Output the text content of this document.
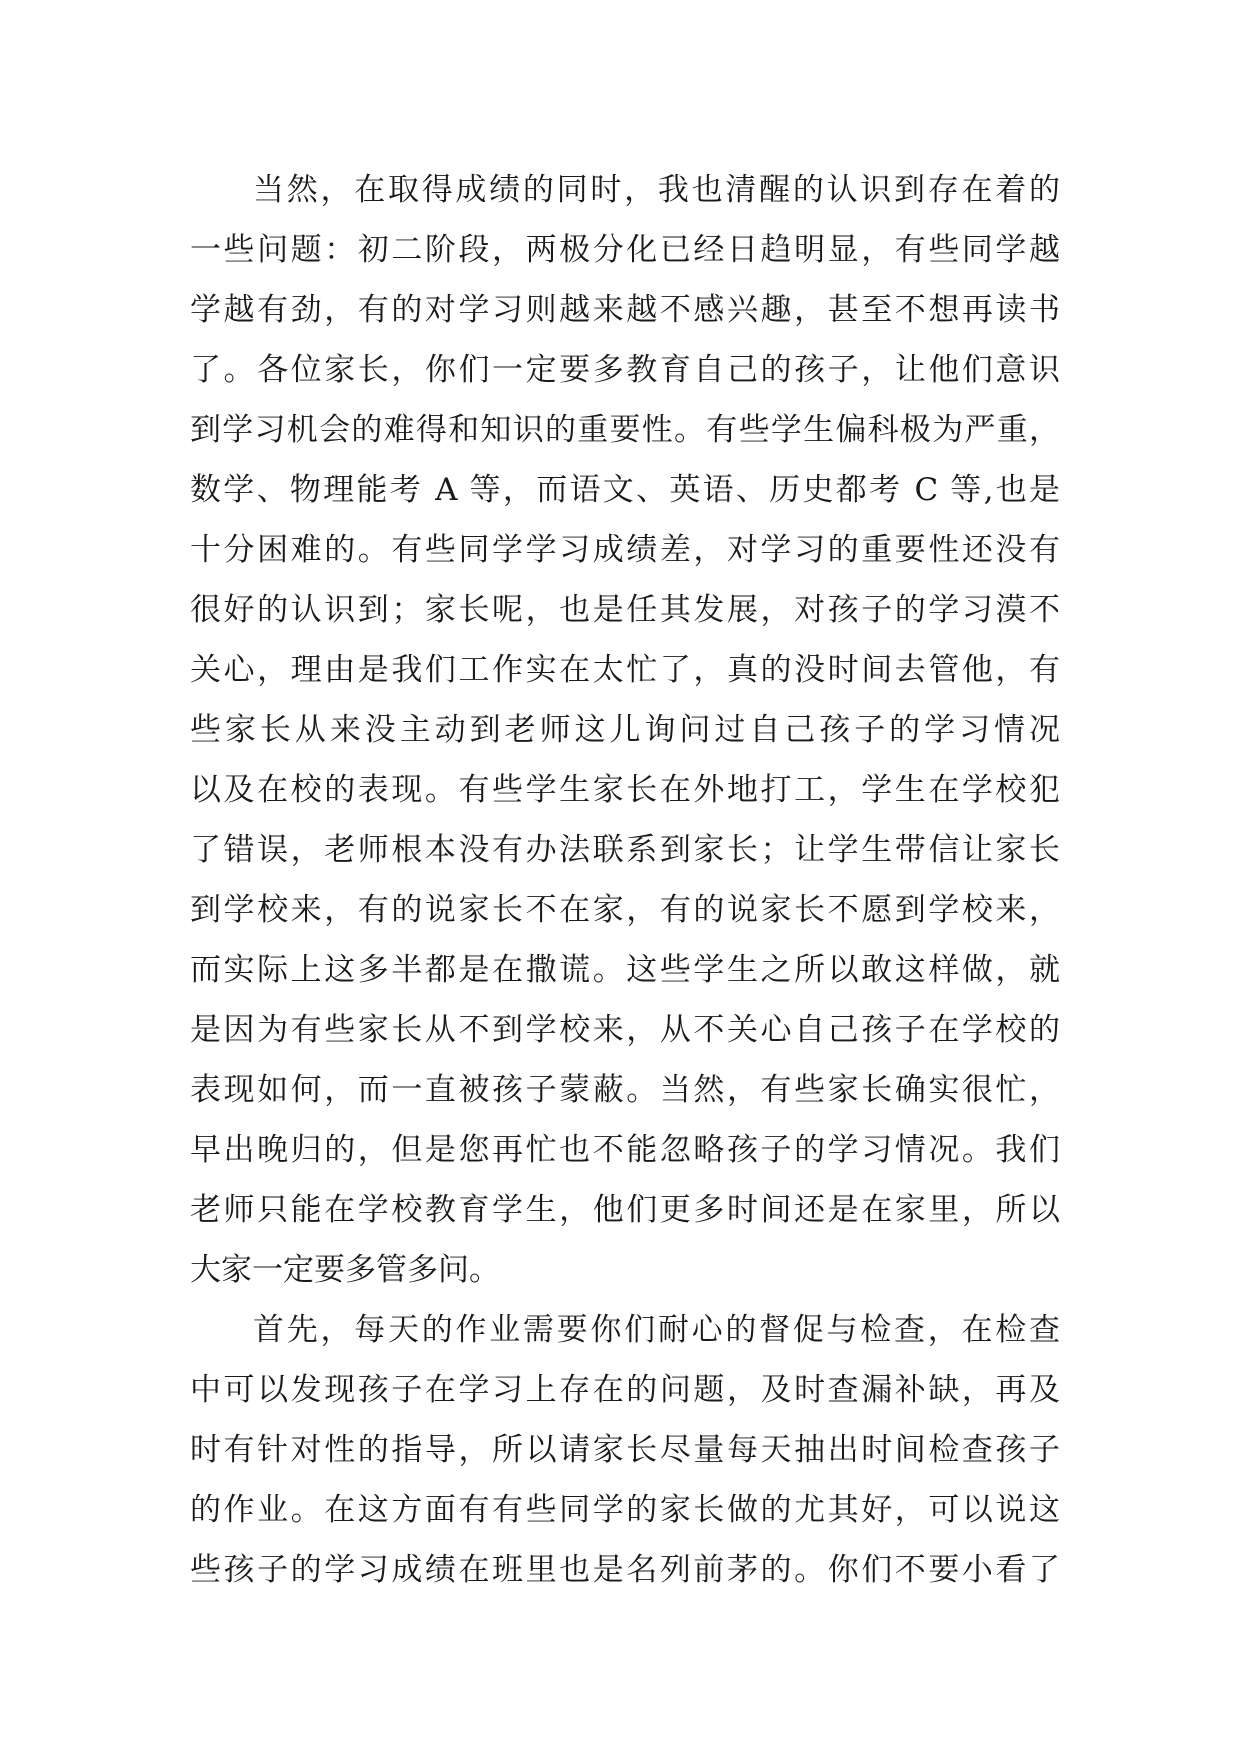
当然，在取得成绩的同时，我也清醒的认识到存在着的
一些问题：初二阶段，两极分化已经日趋明显，有些同学越
学越有劲，有的对学习则越来越不感兴趣，甚至不想再读书
了。各位家长，你们一定要多教育自己的孩子，让他们意识
到学习机会的难得和知识的重要性。有些学生偏科极为严重，
数学、物理能考 A 等，而语文、英语、历史都考 C 等,也是
十分困难的。有些同学学习成绩差，对学习的重要性还没有
很好的认识到；家长呢，也是任其发展，对孩子的学习漠不
关心，理由是我们工作实在太忙了，真的没时间去管他，有
些家长从来没主动到老师这儿询问过自己孩子的学习情况
以及在校的表现。有些学生家长在外地打工，学生在学校犯
了错误，老师根本没有办法联系到家长；让学生带信让家长
到学校来，有的说家长不在家，有的说家长不愿到学校来，
而实际上这多半都是在撒谎。这些学生之所以敢这样做，就
是因为有些家长从不到学校来，从不关心自己孩子在学校的
表现如何，而一直被孩子蒙蔽。当然，有些家长确实很忙，
早出晚归的，但是您再忙也不能忽略孩子的学习情况。我们
老师只能在学校教育学生，他们更多时间还是在家里，所以
大家一定要多管多问。
首先，每天的作业需要你们耐心的督促与检查，在检查
中可以发现孩子在学习上存在的问题，及时查漏补缺，再及
时有针对性的指导，所以请家长尽量每天抽出时间检查孩子
的作业。在这方面有有些同学的家长做的尤其好，可以说这
些孩子的学习成绩在班里也是名列前茅的。你们不要小看了
